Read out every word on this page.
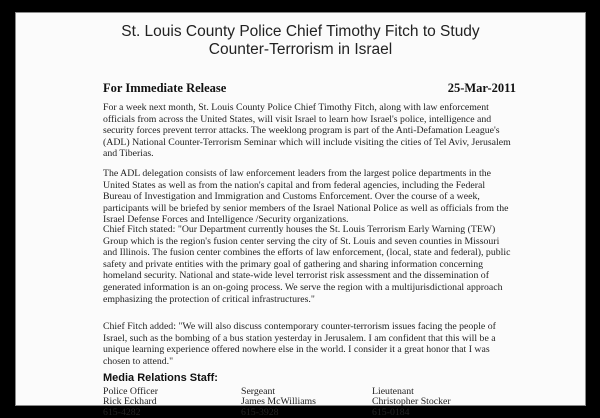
St. Louis County Police Chief Timothy Fitch to Study
Counter-Terrorism in Israel
For Immediate Release	25-Mar-2011

For a week next month, St. Louis County Police Chief Timothy Fitch, along with law enforcement officials from across the United States, will visit Israel to learn how Israel's police, intelligence and security forces prevent terror attacks. The weeklong program is part of the Anti-Defamation League's (ADL) National Counter-Terrorism Seminar which will include visiting the cities of Tel Aviv, Jerusalem and Tiberias.

The ADL delegation consists of law enforcement leaders from the largest police departments in the United States as well as from the nation's capital and from federal agencies, including the Federal Bureau of Investigation and Immigration and Customs Enforcement. Over the course of a week, participants will be briefed by senior members of the Israel National Police as well as officials from the Israel Defense Forces and Intelligence /Security organizations.

Chief Fitch stated: "Our Department currently houses the St. Louis Terrorism Early Warning (TEW) Group which is the region's fusion center serving the city of St. Louis and seven counties in Missouri and Illinois. The fusion center combines the efforts of law enforcement, (local, state and federal), public safety and private entities with the primary goal of gathering and sharing information concerning homeland security. National and state-wide level terrorist risk assessment and the dissemination of generated information is an on-going process. We serve the region with a multijurisdictional approach emphasizing the protection of critical infrastructures."

Chief Fitch added: "We will also discuss contemporary counter-terrorism issues facing the people of Israel, such as the bombing of a bus station yesterday in Jerusalem. I am confident that this will be a unique learning experience offered nowhere else in the world. I consider it a great honor that I was chosen to attend."

Media Relations Staff:
Police Officer
Rick Eckhard
615-4282
Sergeant
James McWilliams
615-3928
Lieutenant
Christopher Stocker
615-0184
